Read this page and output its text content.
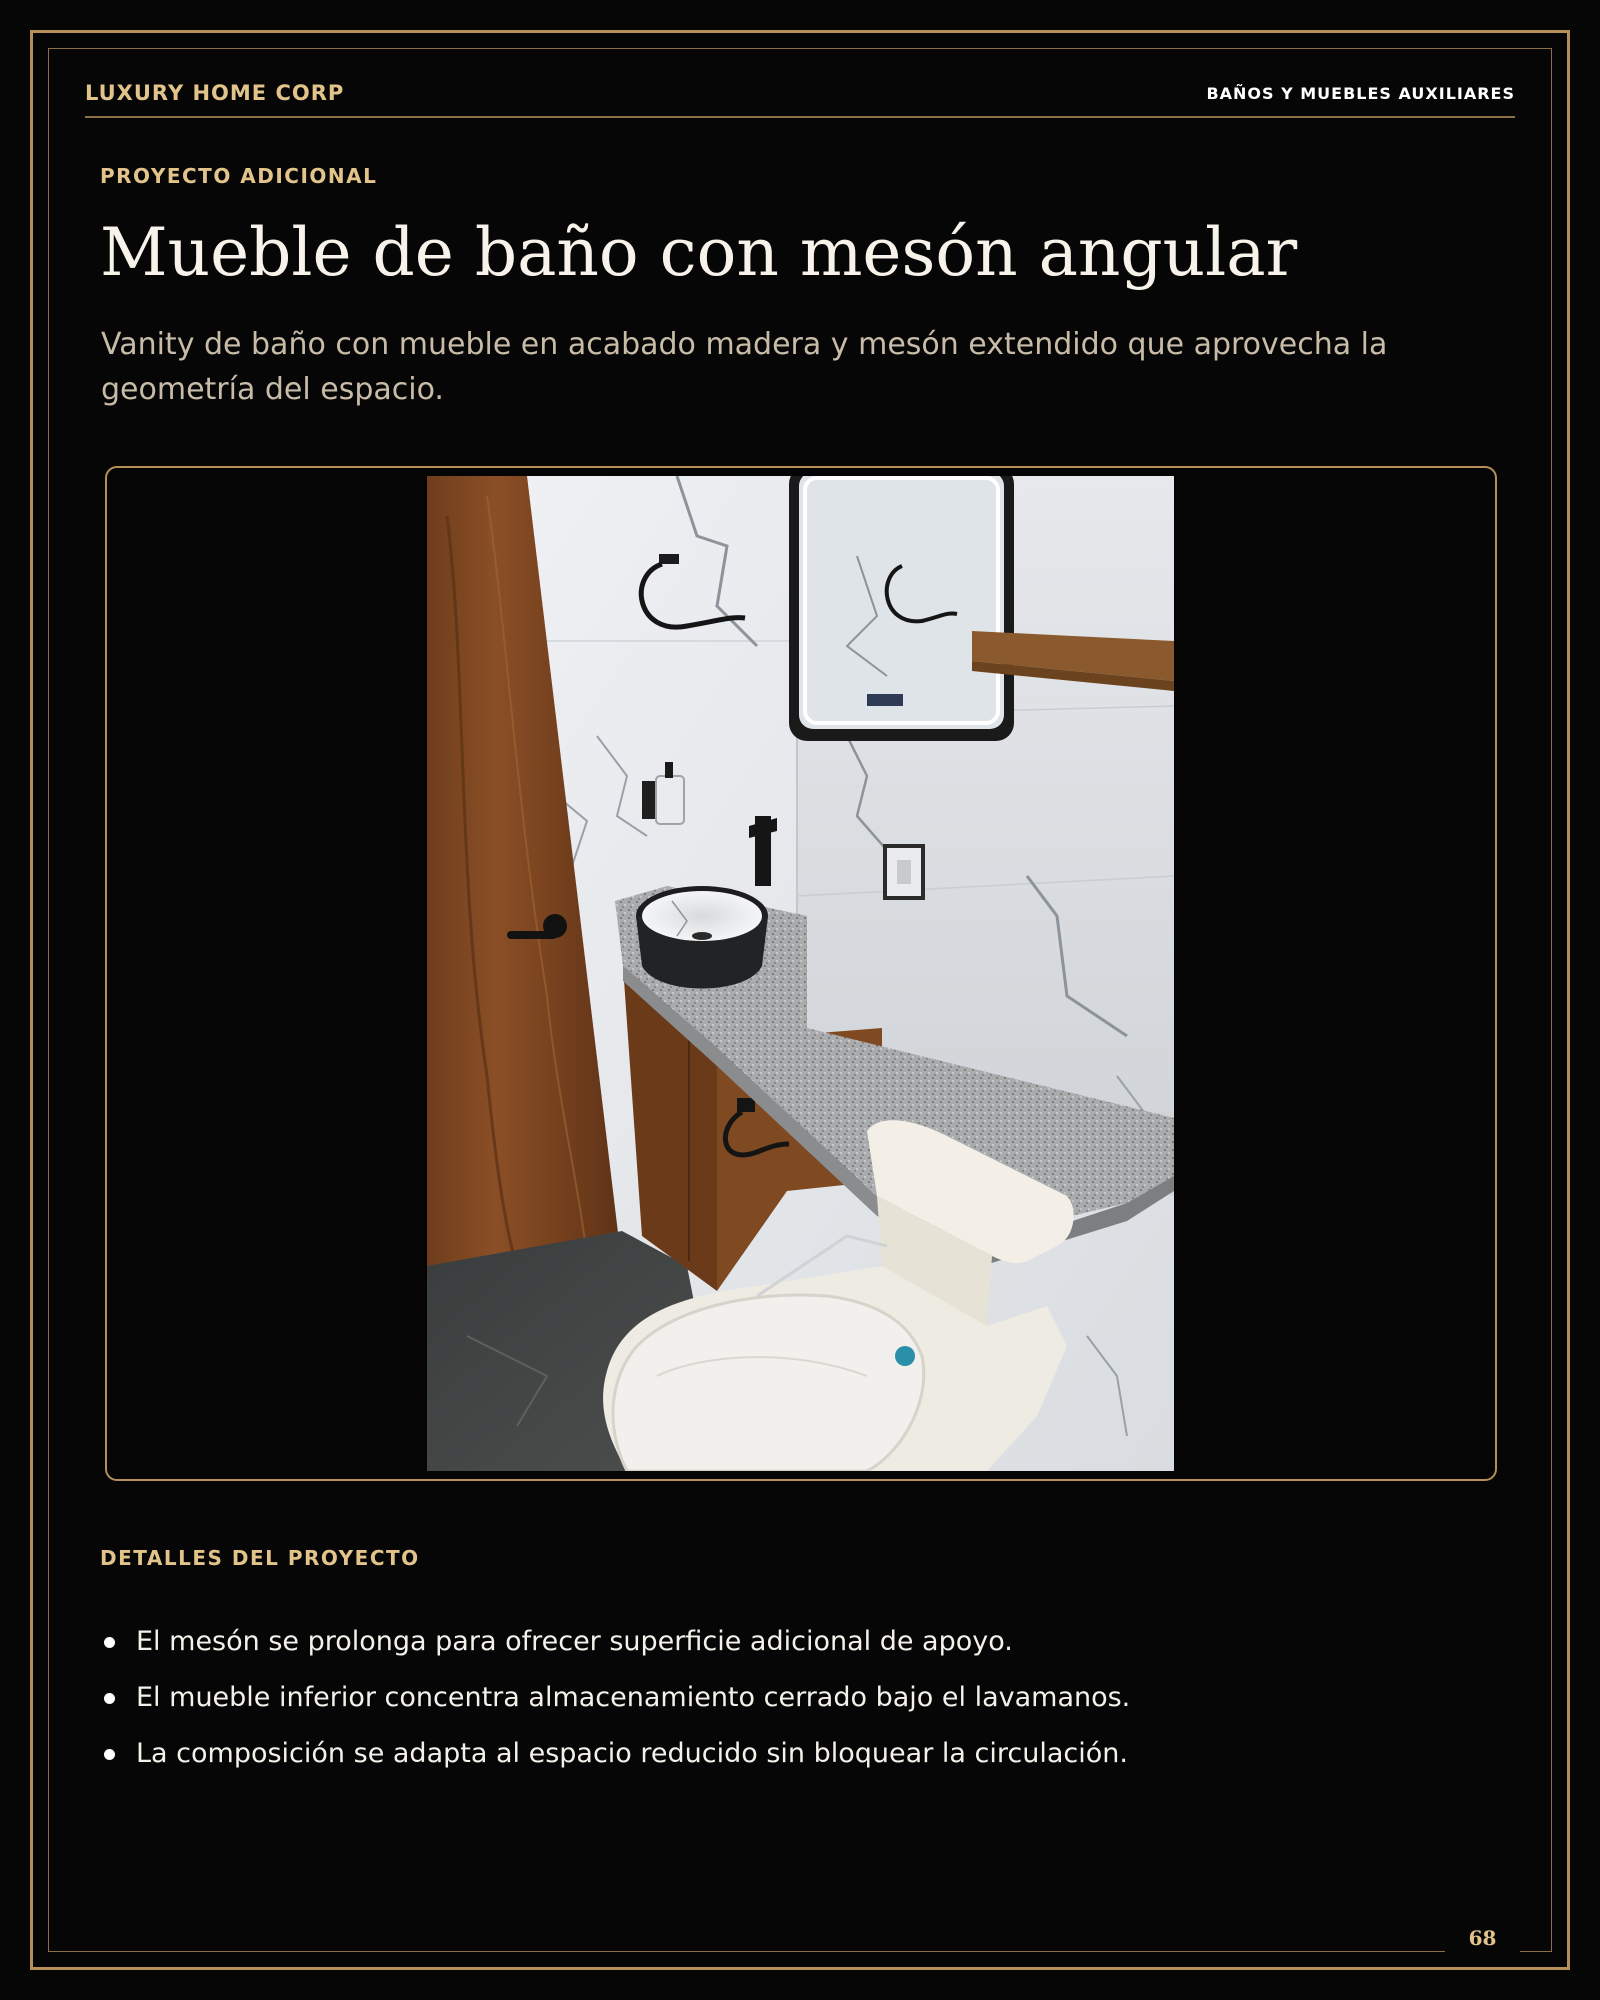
LUXURY HOME CORP	BAÑOS Y MUEBLES AUXILIARES
PROYECTO ADICIONAL
Mueble de baño con mesón angular

Vanity de baño con mueble en acabado madera y mesón extendido que aprovecha la geometría del espacio.

DETALLES DEL PROYECTO
El mesón se prolonga para ofrecer superficie adicional de apoyo.
El mueble inferior concentra almacenamiento cerrado bajo el lavamanos.
La composición se adapta al espacio reducido sin bloquear la circulación.
68
